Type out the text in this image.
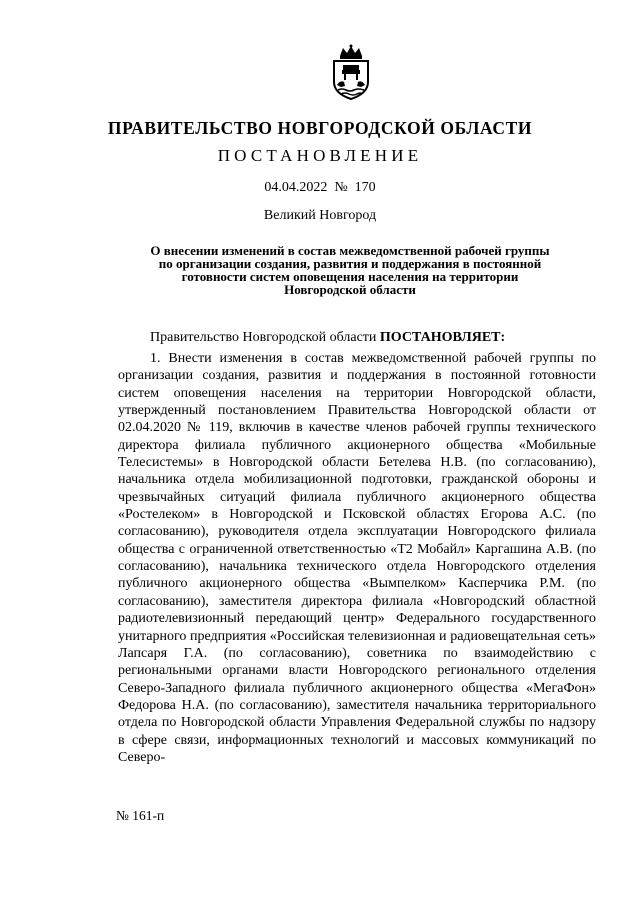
ПРАВИТЕЛЬСТВО НОВГОРОДСКОЙ ОБЛАСТИ
ПОСТАНОВЛЕНИЕ
04.04.2022 № 170
Великий Новгород
О внесении изменений в состав межведомственной рабочей группы
по организации создания, развития и поддержания в постоянной
готовности систем оповещения населения на территории
Новгородской области
Правительство Новгородской области ПОСТАНОВЛЯЕТ:

1. Внести изменения в состав межведомственной рабочей группы по организации создания, развития и поддержания в постоянной готовности систем оповещения населения на территории Новгородской области, утвержденный постановлением Правительства Новгородской области от 02.04.2020 № 119, включив в качестве членов рабочей группы технического директора филиала публичного акционерного общества «Мобильные Телесистемы» в Новгородской области Бетелева Н.В. (по согласованию), начальника отдела мобилизационной подготовки, гражданской обороны и чрезвычайных ситуаций филиала публичного акционерного общества «Ростелеком» в Новгородской и Псковской областях Егорова А.С. (по согласованию), руководителя отдела эксплуатации Новгородского филиала общества с ограниченной ответственностью «Т2 Мобайл» Каргашина А.В. (по согласованию), начальника технического отдела Новгородского отделения публичного акционерного общества «Вымпелком» Касперчика Р.М. (по согласованию), заместителя директора филиала «Новгородский областной радиотелевизионный передающий центр» Федерального государственного унитарного предприятия «Российская телевизионная и радиовещательная сеть» Лапсаря Г.А. (по согласованию), советника по взаимодействию с региональными органами власти Новгородского регионального отделения Северо-Западного филиала публичного акционерного общества «МегаФон» Федорова Н.А. (по согласованию), заместителя начальника территориального отдела по Новгородской области Управления Федеральной службы по надзору в сфере связи, информационных технологий и массовых коммуникаций по Северо-

№ 161-п
